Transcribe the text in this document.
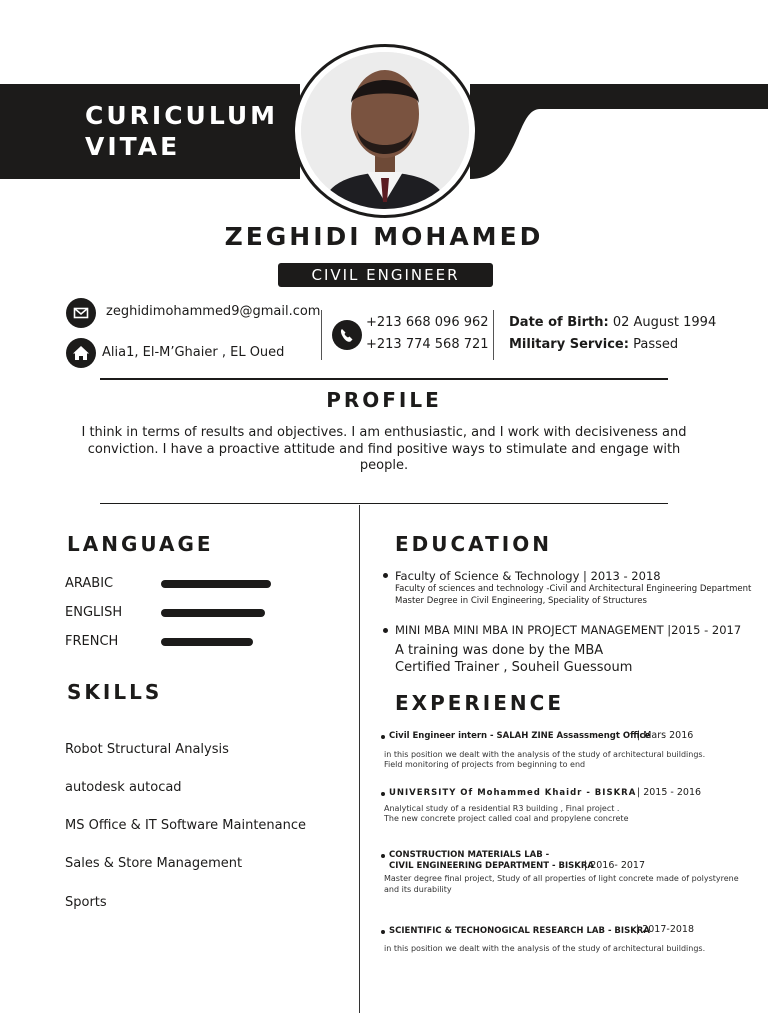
CURICULUM
VITAE
ZEGHIDI MOHAMED
CIVIL ENGINEER
zeghidimohammed9@gmail.com
Alia1, El-M’Ghaier , EL Oued
+213 668 096 962
+213 774 568 721
Date of Birth: 02 August 1994
Military Service: Passed
PROFILE
I think in terms of results and objectives. I am enthusiastic, and I work with decisiveness and conviction. I have a proactive attitude and find positive ways to stimulate and engage with people.
LANGUAGE
ARABIC
ENGLISH
FRENCH
SKILLS
Robot Structural Analysis
autodesk autocad
MS Office & IT Software Maintenance
Sales & Store Management
Sports
EDUCATION
Faculty of Science & Technology | 2013 - 2018
Faculty of sciences and technology -Civil and Architectural Engineering Department
Master Degree in Civil Engineering, Speciality of Structures
MINI MBA MINI MBA IN PROJECT MANAGEMENT |2015 - 2017
A training was done by the MBA
Certified Trainer , Souheil Guessoum
EXPERIENCE
Civil Engineer intern - SALAH ZINE Assassmengt Office
| Mars 2016
in this position we dealt with the analysis of the study of architectural buildings.
Field monitoring of projects from beginning to end
UNIVERSITY Of Mohammed Khaidr - BISKRA | 2015 - 2016
Analytical study of a residential R3 building , Final project .
The new concrete project called coal and propylene concrete
CONSTRUCTION MATERIALS LAB -
CIVIL ENGINEERING DEPARTMENT - BISKRA
| 2016- 2017
Master degree final project, Study of all properties of light concrete made of polystyrene and its durability
SCIENTIFIC & TECHONOGICAL RESEARCH LAB - BISKRA
| 2017-2018
in this position we dealt with the analysis of the study of architectural buildings.
